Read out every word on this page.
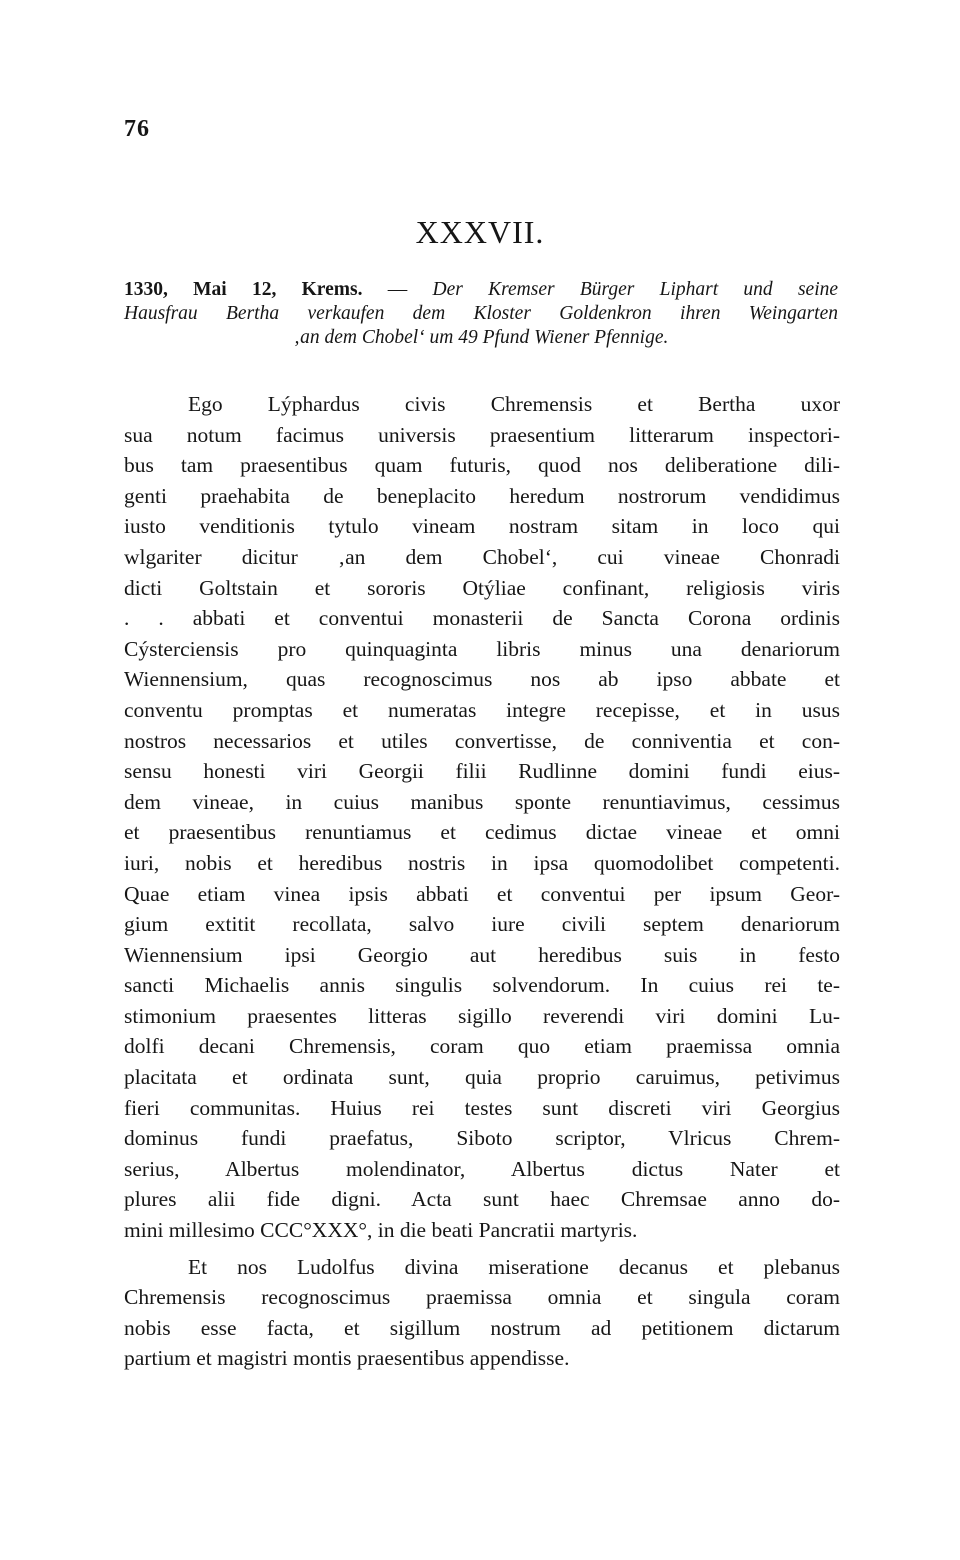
76
XXXVII.
1330, Mai 12, Krems. — Der Kremser Bürger Liphart und seine
Hausfrau Bertha verkaufen dem Kloster Goldenkron ihren Weingarten
‚an dem Chobel‘ um 49 Pfund Wiener Pfennige.
Ego Lýphardus civis Chremensis et Bertha uxor
sua notum facimus universis praesentium litterarum inspectori-
bus tam praesentibus quam futuris, quod nos deliberatione dili-
genti praehabita de beneplacito heredum nostrorum vendidimus
iusto venditionis tytulo vineam nostram sitam in loco qui
wlgariter dicitur ‚an dem Chobel‘, cui vineae Chonradi
dicti Goltstain et sororis Otýliae confinant, religiosis viris
. . abbati et conventui monasterii de Sancta Corona ordinis
Cýsterciensis pro quinquaginta libris minus una denariorum
Wiennensium, quas recognoscimus nos ab ipso abbate et
conventu promptas et numeratas integre recepisse, et in usus
nostros necessarios et utiles convertisse, de conniventia et con-
sensu honesti viri Georgii filii Rudlinne domini fundi eius-
dem vineae, in cuius manibus sponte renuntiavimus, cessimus
et praesentibus renuntiamus et cedimus dictae vineae et omni
iuri, nobis et heredibus nostris in ipsa quomodolibet competenti.
Quae etiam vinea ipsis abbati et conventui per ipsum Geor-
gium extitit recollata, salvo iure civili septem denariorum
Wiennensium ipsi Georgio aut heredibus suis in festo
sancti Michaelis annis singulis solvendorum. In cuius rei te-
stimonium praesentes litteras sigillo reverendi viri domini Lu-
dolfi decani Chremensis, coram quo etiam praemissa omnia
placitata et ordinata sunt, quia proprio caruimus, petivimus
fieri communitas. Huius rei testes sunt discreti viri Georgius
dominus fundi praefatus, Siboto scriptor, Vlricus Chrem-
serius, Albertus molendinator, Albertus dictus Nater et
plures alii fide digni. Acta sunt haec Chremsae anno do-
mini millesimo CCC°XXX°, in die beati Pancratii martyris.
Et nos Ludolfus divina miseratione decanus et plebanus
Chremensis recognoscimus praemissa omnia et singula coram
nobis esse facta, et sigillum nostrum ad petitionem dictarum
partium et magistri montis praesentibus appendisse.
